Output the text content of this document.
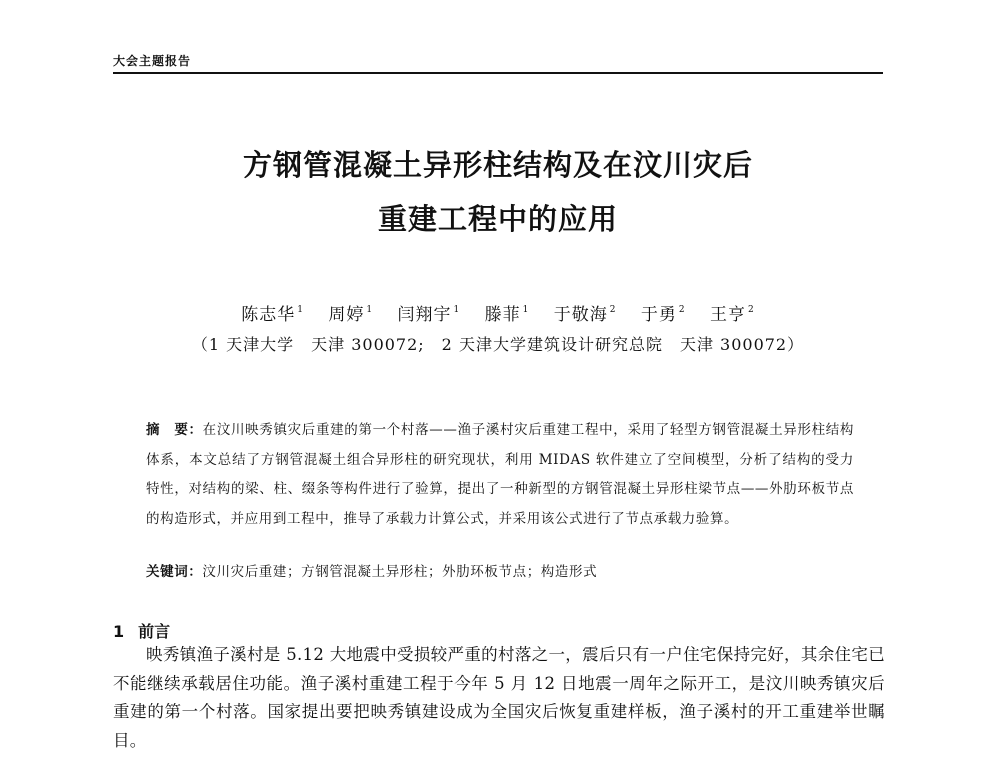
大会主题报告
方钢管混凝土异形柱结构及在汶川灾后
重建工程中的应用
陈志华 $^1$ 周婷 $^1$ 闫翔宇 $^1$ 滕菲 $^1$ 于敬海 $^2$ 于勇 $^2$ 王亨 $^2$
（1 天津大学　天津 300072;　2 天津大学建筑设计研究总院　天津 300072）
摘　要：在汶川映秀镇灾后重建的第一个村落——渔子溪村灾后重建工程中，采用了轻型方钢管混凝土异形柱结构体系，本文总结了方钢管混凝土组合异形柱的研究现状，利用 MIDAS 软件建立了空间模型，分析了结构的受力特性，对结构的梁、柱、缀条等构件进行了验算，提出了一种新型的方钢管混凝土异形柱梁节点——外肋环板节点的构造形式，并应用到工程中，推导了承载力计算公式，并采用该公式进行了节点承载力验算。
关键词：汶川灾后重建；方钢管混凝土异形柱；外肋环板节点；构造形式
1 前言
映秀镇渔子溪村是 5.12 大地震中受损较严重的村落之一，震后只有一户住宅保持完好，其余住宅已不能继续承载居住功能。渔子溪村重建工程于今年 5 月 12 日地震一周年之际开工，是汶川映秀镇灾后重建的第一个村落。国家提出要把映秀镇建设成为全国灾后恢复重建样板，渔子溪村的开工重建举世瞩目。
